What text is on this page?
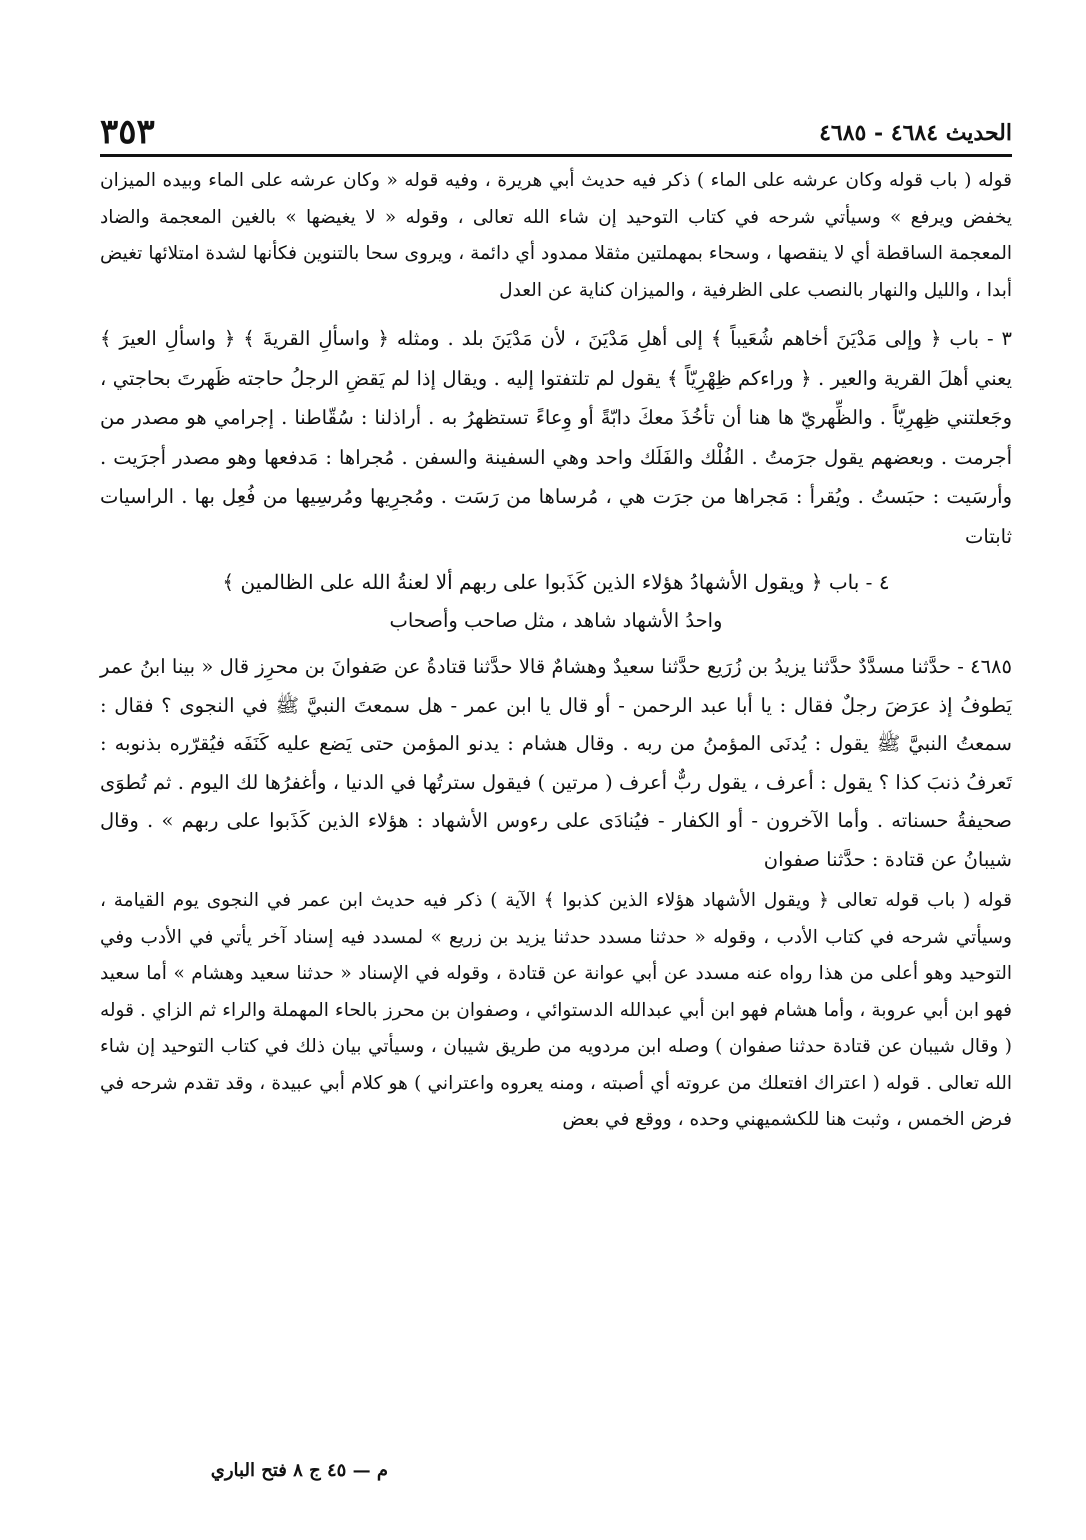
الحديث ٤٦٨٤ - ٤٦٨٥
٣٥٣

قوله ( باب قوله وكان عرشه على الماء ) ذكر فيه حديث أبي هريرة ، وفيه قوله « وكان عرشه على الماء وبيده الميزان يخفض ويرفع » وسيأتي شرحه في كتاب التوحيد إن شاء الله تعالى ، وقوله « لا يغيضها » بالغين المعجمة والضاد المعجمة الساقطة أي لا ينقصها ، وسحاء بمهملتين مثقلا ممدود أي دائمة ، ويروى سحا بالتنوين فكأنها لشدة امتلائها تغيض أبدا ، والليل والنهار بالنصب على الظرفية ، والميزان كناية عن العدل

٣ - باب ﴿ وإلى مَدْيَنَ أخاهم شُعَيباً ﴾ إلى أهلِ مَدْيَنَ ، لأن مَدْيَنَ بلد . ومثله ﴿ واسألِ القريةَ ﴾ ﴿ واسألِ العيرَ ﴾ يعني أهلَ القرية والعير . ﴿ وراءكم ظِهْرِيّاً ﴾ يقول لم تلتفتوا إليه . ويقال إذا لم يَقضِ الرجلُ حاجته ظَهرتَ بحاجتي ، وجَعلتني ظِهرِيّاً . والظِّهريّ ها هنا أن تأخُذَ معكَ دابّةً أو وِعاءً تستظهرُ به . أراذلنا : سُقّاطنا . إجرامي هو مصدر من أجرمت . وبعضهم يقول جرَمتُ . الفُلْك والفَلَك واحد وهي السفينة والسفن . مُجراها : مَدفعها وهو مصدر أجرَيت . وأرسَيت : حبَستُ . ويُقرأ : مَجراها من جرَت هي ، مُرساها من رَسَت . ومُجرِيها ومُرسِيها من فُعِل بها . الراسيات ثابتات

٤ - باب ﴿ ويقول الأشهادُ هؤلاء الذين كَذَبوا على ربهم ألا لعنةُ الله على الظالمين ﴾

واحدُ الأشهاد شاهد ، مثل صاحب وأصحاب

٤٦٨٥ - حدَّثنا مسدَّدٌ حدَّثنا يزيدُ بن زُرَيع حدَّثنا سعيدٌ وهشامٌ قالا حدَّثنا قتادةُ عن صَفوانَ بن محرِز قال « بينا ابنُ عمر يَطوفُ إذ عرَضَ رجلٌ فقال : يا أبا عبد الرحمن - أو قال يا ابن عمر - هل سمعتَ النبيَّ ﷺ في النجوى ؟ فقال : سمعتُ النبيَّ ﷺ يقول : يُدنَى المؤمنُ من ربه . وقال هشام : يدنو المؤمن حتى يَضع عليه كَنَفَه فيُقرّره بذنوبه : تَعرفُ ذنبَ كذا ؟ يقول : أعرف ، يقول ربٌّ أعرف ( مرتين ) فيقول سترتُها في الدنيا ، وأغفرُها لك اليوم . ثم تُطوَى صحيفةُ حسناته . وأما الآخرون - أو الكفار - فيُنادَى على رءوس الأشهاد : هؤلاء الذين كَذَبوا على ربهم » . وقال شيبانُ عن قتادة : حدَّثنا صفوان

قوله ( باب قوله تعالى ﴿ ويقول الأشهاد هؤلاء الذين كذبوا ﴾ الآية ) ذكر فيه حديث ابن عمر في النجوى يوم القيامة ، وسيأتي شرحه في كتاب الأدب ، وقوله « حدثنا مسدد حدثنا يزيد بن زريع » لمسدد فيه إسناد آخر يأتي في الأدب وفي التوحيد وهو أعلى من هذا رواه عنه مسدد عن أبي عوانة عن قتادة ، وقوله في الإسناد « حدثنا سعيد وهشام » أما سعيد فهو ابن أبي عروبة ، وأما هشام فهو ابن أبي عبدالله الدستوائي ، وصفوان بن محرز بالحاء المهملة والراء ثم الزاي . قوله ( وقال شيبان عن قتادة حدثنا صفوان ) وصله ابن مردويه من طريق شيبان ، وسيأتي بيان ذلك في كتاب التوحيد إن شاء الله تعالى . قوله ( اعتراك افتعلك من عروته أي أصبته ، ومنه يعروه واعتراني ) هو كلام أبي عبيدة ، وقد تقدم شرحه في فرض الخمس ، وثبت هنا للكشميهني وحده ، ووقع في بعض

م — ٤٥ ج ٨ فتح الباري
